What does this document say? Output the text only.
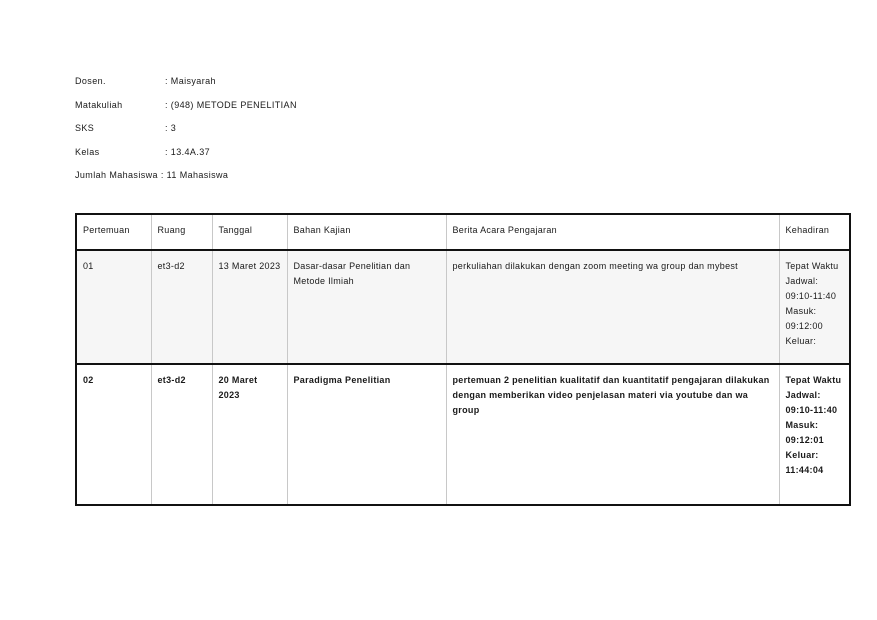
Dosen.	: Maisyarah
Matakuliah	: (948) METODE PENELITIAN
SKS	: 3
Kelas	: 13.4A.37
Jumlah Mahasiswa : 11 Mahasiswa
Pertemuan	Ruang	Tanggal	Bahan Kajian	Berita Acara Pengajaran	Kehadiran
01	et3-d2	13 Maret 2023	Dasar-dasar Penelitian dan Metode Ilmiah	perkuliahan dilakukan dengan zoom meeting wa group dan mybest	Tepat Waktu
Jadwal: 09:10-11:40
Masuk: 09:12:00
Keluar:

02	et3-d2	20 Maret 2023	Paradigma Penelitian	pertemuan 2 penelitian kualitatif dan kuantitatif pengajaran dilakukan dengan memberikan video penjelasan materi via youtube dan wa group	Tepat Waktu
Jadwal: 09:10-11:40
Masuk: 09:12:01
Keluar: 11:44:04
